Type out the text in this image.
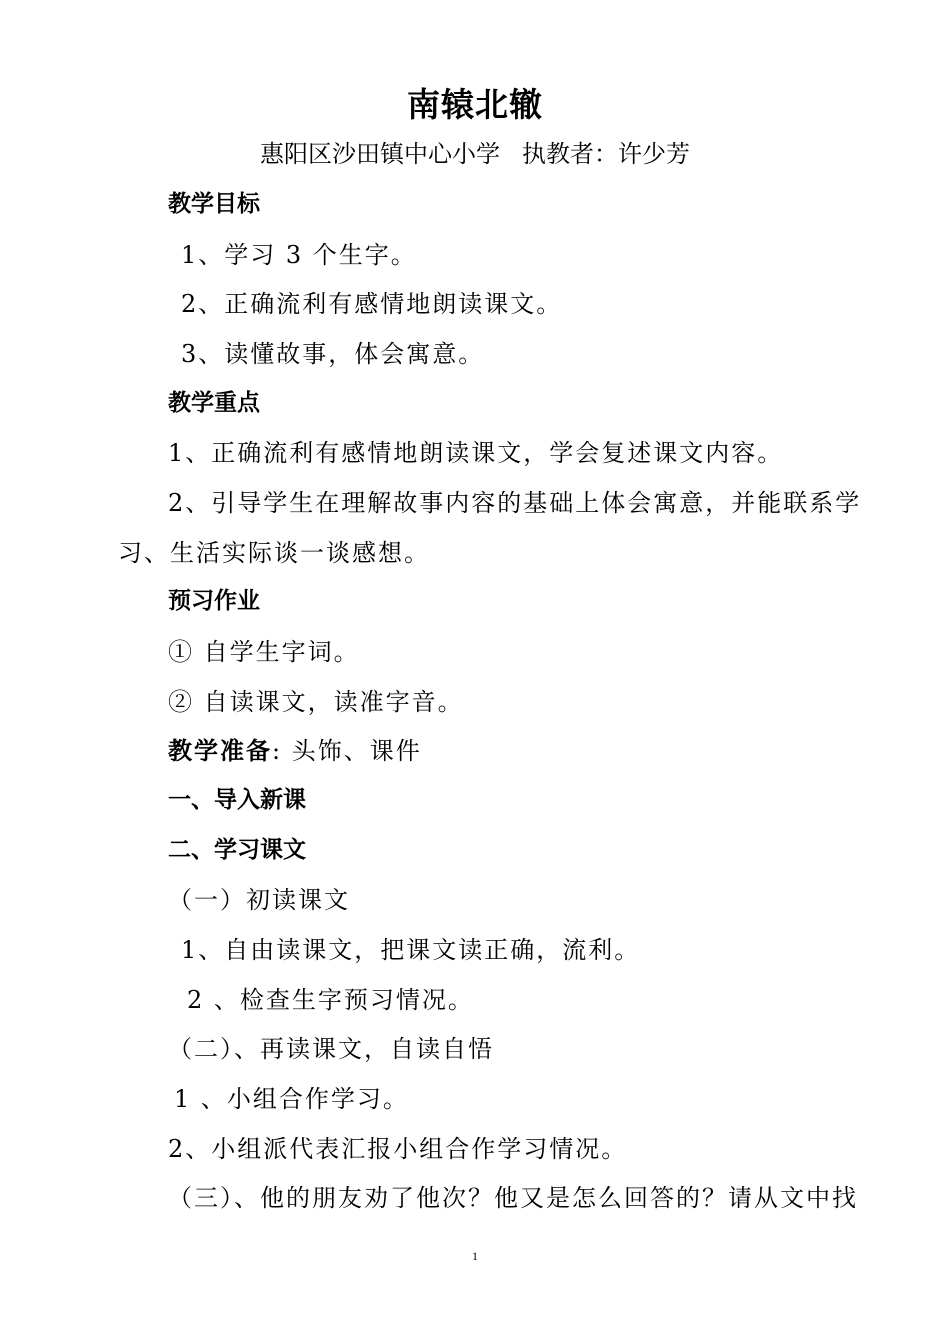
南辕北辙
惠阳区沙田镇中心小学 执教者：许少芳
教学目标
1、学习 3 个生字。
2、正确流利有感情地朗读课文。
3、读懂故事，体会寓意。
教学重点
1、正确流利有感情地朗读课文，学会复述课文内容。
2、引导学生在理解故事内容的基础上体会寓意，并能联系学
习、生活实际谈一谈感想。
预习作业
① 自学生字词。
② 自读课文，读准字音。
教学准备: 头饰、课件
一、导入新课
二、学习课文
（一）初读课文
1、自由读课文，把课文读正确，流利。
2 、检查生字预习情况。
（二）、再读课文，自读自悟
1 、小组合作学习。
2、小组派代表汇报小组合作学习情况。
（三）、他的朋友劝了他次？他又是怎么回答的？请从文中找
1
